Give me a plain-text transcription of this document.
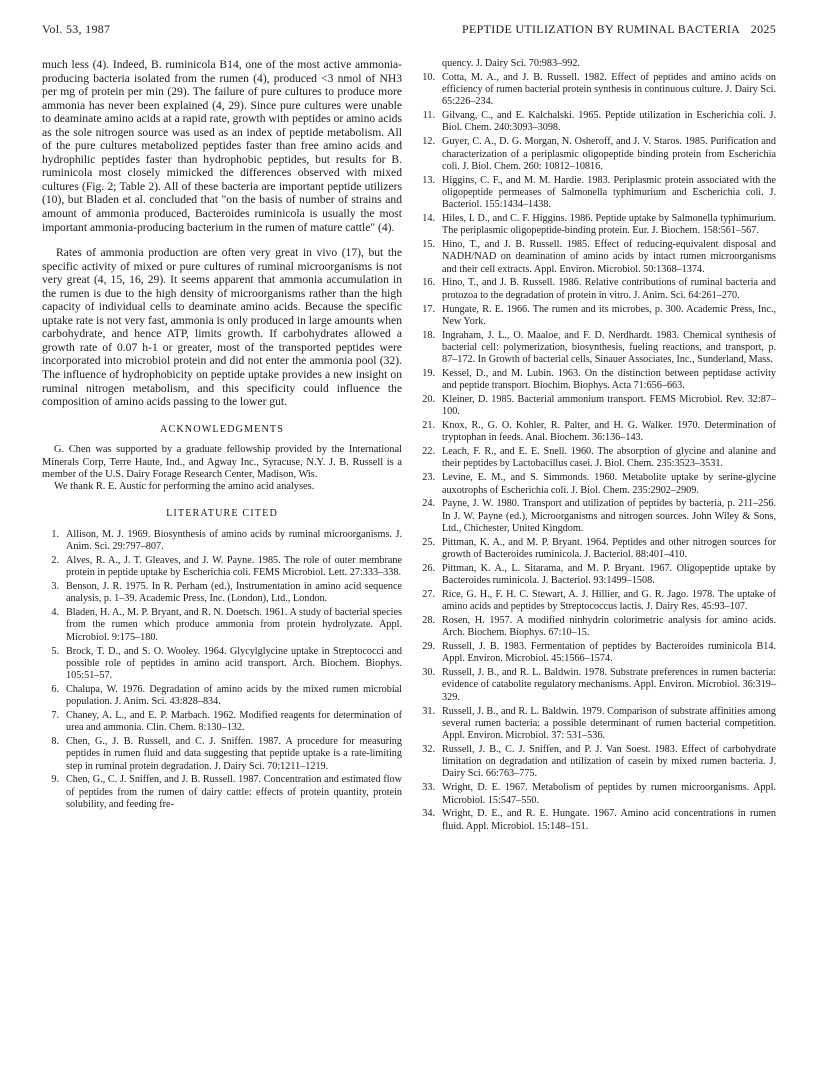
Vol. 53, 1987	PEPTIDE UTILIZATION BY RUMINAL BACTERIA 2025

much less (4). Indeed, B. ruminicola B14, one of the most active ammonia-producing bacteria isolated from the rumen (4), produced <3 nmol of NH3 per mg of protein per min (29). The failure of pure cultures to produce more ammonia has never been explained (4, 29). Since pure cultures were unable to deaminate amino acids at a rapid rate, growth with peptides or amino acids as the sole nitrogen source was used as an index of peptide metabolism. All of the pure cultures metabolized peptides faster than free amino acids and hydrophilic peptides faster than hydrophobic peptides, but results for B. ruminicola most closely mimicked the differences observed with mixed cultures (Fig. 2; Table 2). All of these bacteria are important peptide utilizers (10), but Bladen et al. concluded that "on the basis of number of strains and amount of ammonia produced, Bacteroides ruminicola is usually the most important ammonia-producing bacterium in the rumen of mature cattle" (4).

Rates of ammonia production are often very great in vivo (17), but the specific activity of mixed or pure cultures of ruminal microorganisms is not very great (4, 15, 16, 29). It seems apparent that ammonia accumulation in the rumen is due to the high density of microorganisms rather than the high capacity of individual cells to deaminate amino acids. Because the specific uptake rate is not very fast, ammonia is only produced in large amounts when carbohydrate, and hence ATP, limits growth. If carbohydrates allowed a growth rate of 0.07 h-1 or greater, most of the transported peptides were incorporated into microbiol protein and did not enter the ammonia pool (32). The influence of hydrophobicity on peptide uptake provides a new insight on ruminal nitrogen metabolism, and this specificity could influence the composition of amino acids passing to the lower gut.

ACKNOWLEDGMENTS

G. Chen was supported by a graduate fellowship provided by the International Minerals Corp, Terre Haute, Ind., and Agway Inc., Syracuse, N.Y. J. B. Russell is a member of the U.S. Dairy Forage Research Center, Madison, Wis.

We thank R. E. Austic for performing the amino acid analyses.

LITERATURE CITED
1. Allison, M. J. 1969. Biosynthesis of amino acids by ruminal microorganisms. J. Anim. Sci. 29:797–807.
2. Alves, R. A., J. T. Gleaves, and J. W. Payne. 1985. The role of outer membrane protein in peptide uptake by Escherichia coli. FEMS Microbiol. Lett. 27:333–338.
3. Benson, J. R. 1975. In R. Perham (ed.), Instrumentation in amino acid sequence analysis, p. 1–39. Academic Press, Inc. (London), Ltd., London.
4. Bladen, H. A., M. P. Bryant, and R. N. Doetsch. 1961. A study of bacterial species from the rumen which produce ammonia from protein hydrolyzate. Appl. Microbiol. 9:175–180.
5. Brock, T. D., and S. O. Wooley. 1964. Glycylglycine uptake in Streptococci and possible role of peptides in amino acid transport. Arch. Biochem. Biophys. 105:51–57.
6. Chalupa, W. 1976. Degradation of amino acids by the mixed rumen microbial population. J. Anim. Sci. 43:828–834.
7. Chaney, A. L., and E. P. Marbach. 1962. Modified reagents for determination of urea and ammonia. Clin. Chem. 8:130–132.
8. Chen, G., J. B. Russell, and C. J. Sniffen. 1987. A procedure for measuring peptides in rumen fluid and data suggesting that peptide uptake is a rate-limiting step in ruminal protein degradation. J. Dairy Sci. 70:1211–1219.
9. Chen, G., C. J. Sniffen, and J. B. Russell. 1987. Concentration and estimated flow of peptides from the rumen of dairy cattle: effects of protein quantity, protein solubility, and feeding fre-
quency. J. Dairy Sci. 70:983–992.
10. Cotta, M. A., and J. B. Russell. 1982. Effect of peptides and amino acids on efficiency of rumen bacterial protein synthesis in continuous culture. J. Dairy Sci. 65:226–234.
11. Gilvang, C., and E. Kalchalski. 1965. Peptide utilization in Escherichia coli. J. Biol. Chem. 240:3093–3098.
12. Guyer, C. A., D. G. Morgan, N. Osheroff, and J. V. Staros. 1985. Purification and characterization of a periplasmic oligopeptide binding protein from Escherichia coli. J. Biol. Chem. 260: 10812–10816.
13. Higgins, C. F., and M. M. Hardie. 1983. Periplasmic protein associated with the oligopeptide permeases of Salmonella typhimurium and Escherichia coli. J. Bacteriol. 155:1434–1438.
14. Hiles, I. D., and C. F. Higgins. 1986. Peptide uptake by Salmonella typhimurium. The periplasmic oligopeptide-binding protein. Eur. J. Biochem. 158:561–567.
15. Hino, T., and J. B. Russell. 1985. Effect of reducing-equivalent disposal and NADH/NAD on deamination of amino acids by intact rumen microorganisms and their cell extracts. Appl. Environ. Microbiol. 50:1368–1374.
16. Hino, T., and J. B. Russell. 1986. Relative contributions of ruminal bacteria and protozoa to the degradation of protein in vitro. J. Anim. Sci. 64:261–270.
17. Hungate, R. E. 1966. The rumen and its microbes, p. 300. Academic Press, Inc., New York.
18. Ingraham, J. L., O. Maaloe, and F. D. Nerdhardt. 1983. Chemical synthesis of bacterial cell: polymerization, biosynthesis, fueling reactions, and transport, p. 87–172. In Growth of bacterial cells, Sinauer Associates, Inc., Sunderland, Mass.
19. Kessel, D., and M. Lubin. 1963. On the distinction between peptidase activity and peptide transport. Biochim. Biophys. Acta 71:656–663.
20. Kleiner, D. 1985. Bacterial ammonium transport. FEMS Microbiol. Rev. 32:87–100.
21. Knox, R., G. O. Kohler, R. Palter, and H. G. Walker. 1970. Determination of tryptophan in feeds. Anal. Biochem. 36:136–143.
22. Leach, F. R., and E. E. Snell. 1960. The absorption of glycine and alanine and their peptides by Lactobacillus casei. J. Biol. Chem. 235:3523–3531.
23. Levine, E. M., and S. Simmonds. 1960. Metabolite uptake by serine-glycine auxotrophs of Escherichia coli. J. Biol. Chem. 235:2902–2909.
24. Payne, J. W. 1980. Transport and utilization of peptides by bacteria, p. 211–256. In J. W. Payne (ed.), Microorganisms and nitrogen sources. John Wiley & Sons, Ltd., Chichester, United Kingdom.
25. Pittman, K. A., and M. P. Bryant. 1964. Peptides and other nitrogen sources for growth of Bacteroides ruminicola. J. Bacteriol. 88:401–410.
26. Pittman, K. A., L. Sitarama, and M. P. Bryant. 1967. Oligopeptide uptake by Bacteroides ruminicola. J. Bacteriol. 93:1499–1508.
27. Rice, G. H., F. H. C. Stewart, A. J. Hillier, and G. R. Jago. 1978. The uptake of amino acids and peptides by Streptococcus lactis. J. Dairy Res. 45:93–107.
28. Rosen, H. 1957. A modified ninhydrin colorimetric analysis for amino acids. Arch. Biochem. Biophys. 67:10–15.
29. Russell, J. B. 1983. Fermentation of peptides by Bacteroides ruminicola B14. Appl. Environ. Microbiol. 45:1566–1574.
30. Russell, J. B., and R. L. Baldwin. 1978. Substrate preferences in rumen bacteria: evidence of catabolite regulatory mechanisms. Appl. Environ. Microbiol. 36:319–329.
31. Russell, J. B., and R. L. Baldwin. 1979. Comparison of substrate affinities among several rumen bacteria: a possible determinant of rumen bacterial competition. Appl. Environ. Microbiol. 37: 531–536.
32. Russell, J. B., C. J. Sniffen, and P. J. Van Soest. 1983. Effect of carbohydrate limitation on degradation and utilization of casein by mixed rumen bacteria. J. Dairy Sci. 66:763–775.
33. Wright, D. E. 1967. Metabolism of peptides by rumen microorganisms. Appl. Microbiol. 15:547–550.
34. Wright, D. E., and R. E. Hungate. 1967. Amino acid concentrations in rumen fluid. Appl. Microbiol. 15:148–151.
